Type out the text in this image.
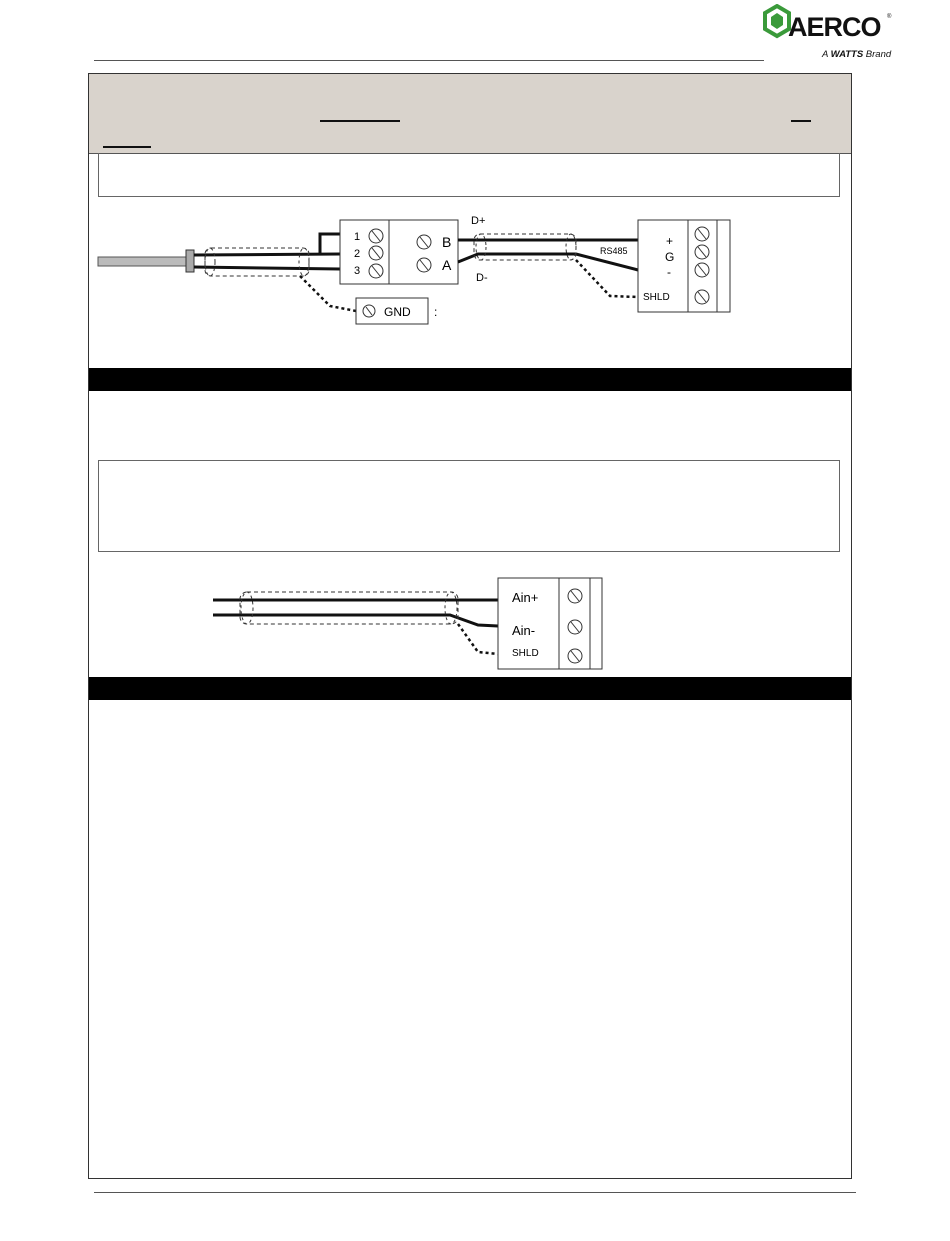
AERCO ®
A WATTS Brand
1
2
3
B
A
GND :
D+
D-
RS485
+
G
-
SHLD
Ain+
Ain-
SHLD
